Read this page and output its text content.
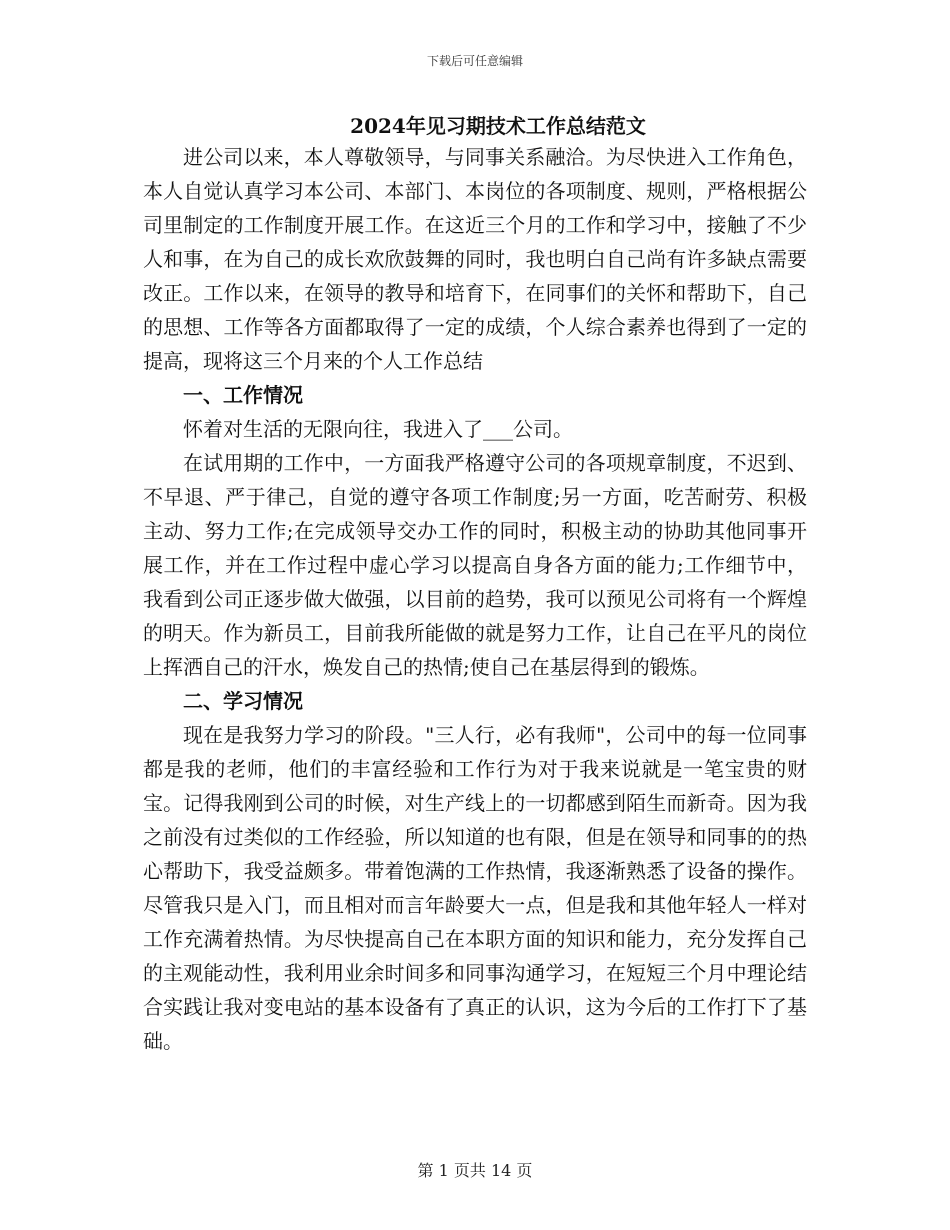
下载后可任意编辑
2024年见习期技术工作总结范文

进公司以来，本人尊敬领导，与同事关系融洽。为尽快进入工作角色，本人自觉认真学习本公司、本部门、本岗位的各项制度、规则，严格根据公司里制定的工作制度开展工作。在这近三个月的工作和学习中，接触了不少人和事，在为自己的成长欢欣鼓舞的同时，我也明白自己尚有许多缺点需要改正。工作以来，在领导的教导和培育下，在同事们的关怀和帮助下，自己的思想、工作等各方面都取得了一定的成绩，个人综合素养也得到了一定的提高，现将这三个月来的个人工作总结

一、工作情况

怀着对生活的无限向往，我进入了___公司。

在试用期的工作中，一方面我严格遵守公司的各项规章制度，不迟到、不早退、严于律己，自觉的遵守各项工作制度;另一方面，吃苦耐劳、积极主动、努力工作;在完成领导交办工作的同时，积极主动的协助其他同事开展工作，并在工作过程中虚心学习以提高自身各方面的能力;工作细节中，我看到公司正逐步做大做强，以目前的趋势，我可以预见公司将有一个辉煌的明天。作为新员工，目前我所能做的就是努力工作，让自己在平凡的岗位上挥洒自己的汗水，焕发自己的热情;使自己在基层得到的锻炼。

二、学习情况

现在是我努力学习的阶段。"三人行，必有我师"，公司中的每一位同事都是我的老师，他们的丰富经验和工作行为对于我来说就是一笔宝贵的财宝。记得我刚到公司的时候，对生产线上的一切都感到陌生而新奇。因为我之前没有过类似的工作经验，所以知道的也有限，但是在领导和同事的的热心帮助下，我受益颇多。带着饱满的工作热情，我逐渐熟悉了设备的操作。尽管我只是入门，而且相对而言年龄要大一点，但是我和其他年轻人一样对工作充满着热情。为尽快提高自己在本职方面的知识和能力，充分发挥自己的主观能动性，我利用业余时间多和同事沟通学习，在短短三个月中理论结合实践让我对变电站的基本设备有了真正的认识，这为今后的工作打下了基础。

第 1 页共 14 页
